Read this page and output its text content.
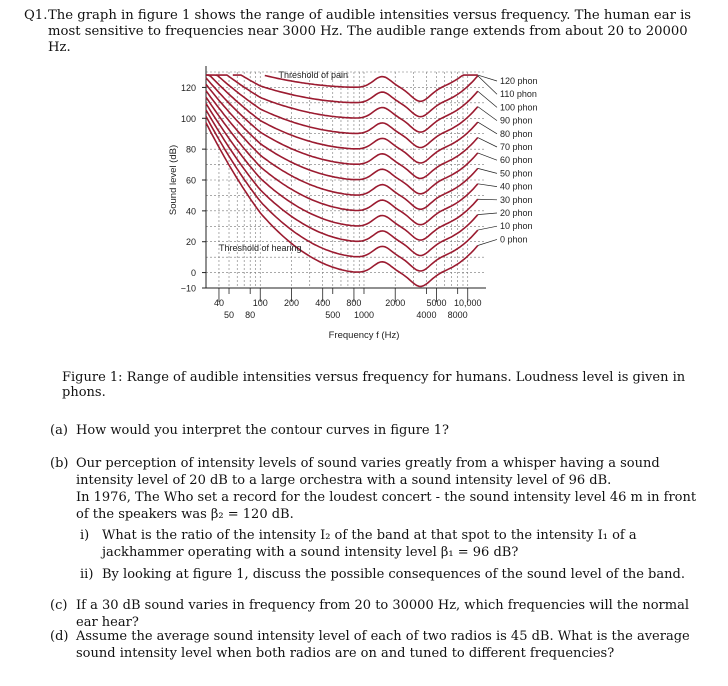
Q1. The graph in figure 1 shows the range of audible intensities versus frequency. The human ear is most sensitive to frequencies near 3000 Hz. The audible range extends from about 20 to 20000 Hz.
120
100
80
60
40
20
0
−10
40	100 200 400 800	2000 5000 10,000
50 80	500 1000	4000 8000
Sound level (dB)
Frequency f (Hz)
Threshold of pain
Threshold of hearing
120 phon
110 phon
100 phon
90 phon
80 phon
70 phon
60 phon
50 phon
40 phon
30 phon
20 phon
10 phon
0 phon
Figure 1: Range of audible intensities versus frequency for humans. Loudness level is given in phons.
(a) How would you interpret the contour curves in figure 1?
(b) Our perception of intensity levels of sound varies greatly from a whisper having a sound intensity level of 20 dB to a large orchestra with a sound intensity level of 96 dB.
In 1976, The Who set a record for the loudest concert - the sound intensity level 46 m in front of the speakers was β₂ = 120 dB.
i) What is the ratio of the intensity I₂ of the band at that spot to the intensity I₁ of a jackhammer operating with a sound intensity level β₁ = 96 dB?
ii) By looking at figure 1, discuss the possible consequences of the sound level of the band.
(c) If a 30 dB sound varies in frequency from 20 to 30000 Hz, which frequencies will the normal ear hear?
(d) Assume the average sound intensity level of each of two radios is 45 dB. What is the average sound intensity level when both radios are on and tuned to different frequencies?
